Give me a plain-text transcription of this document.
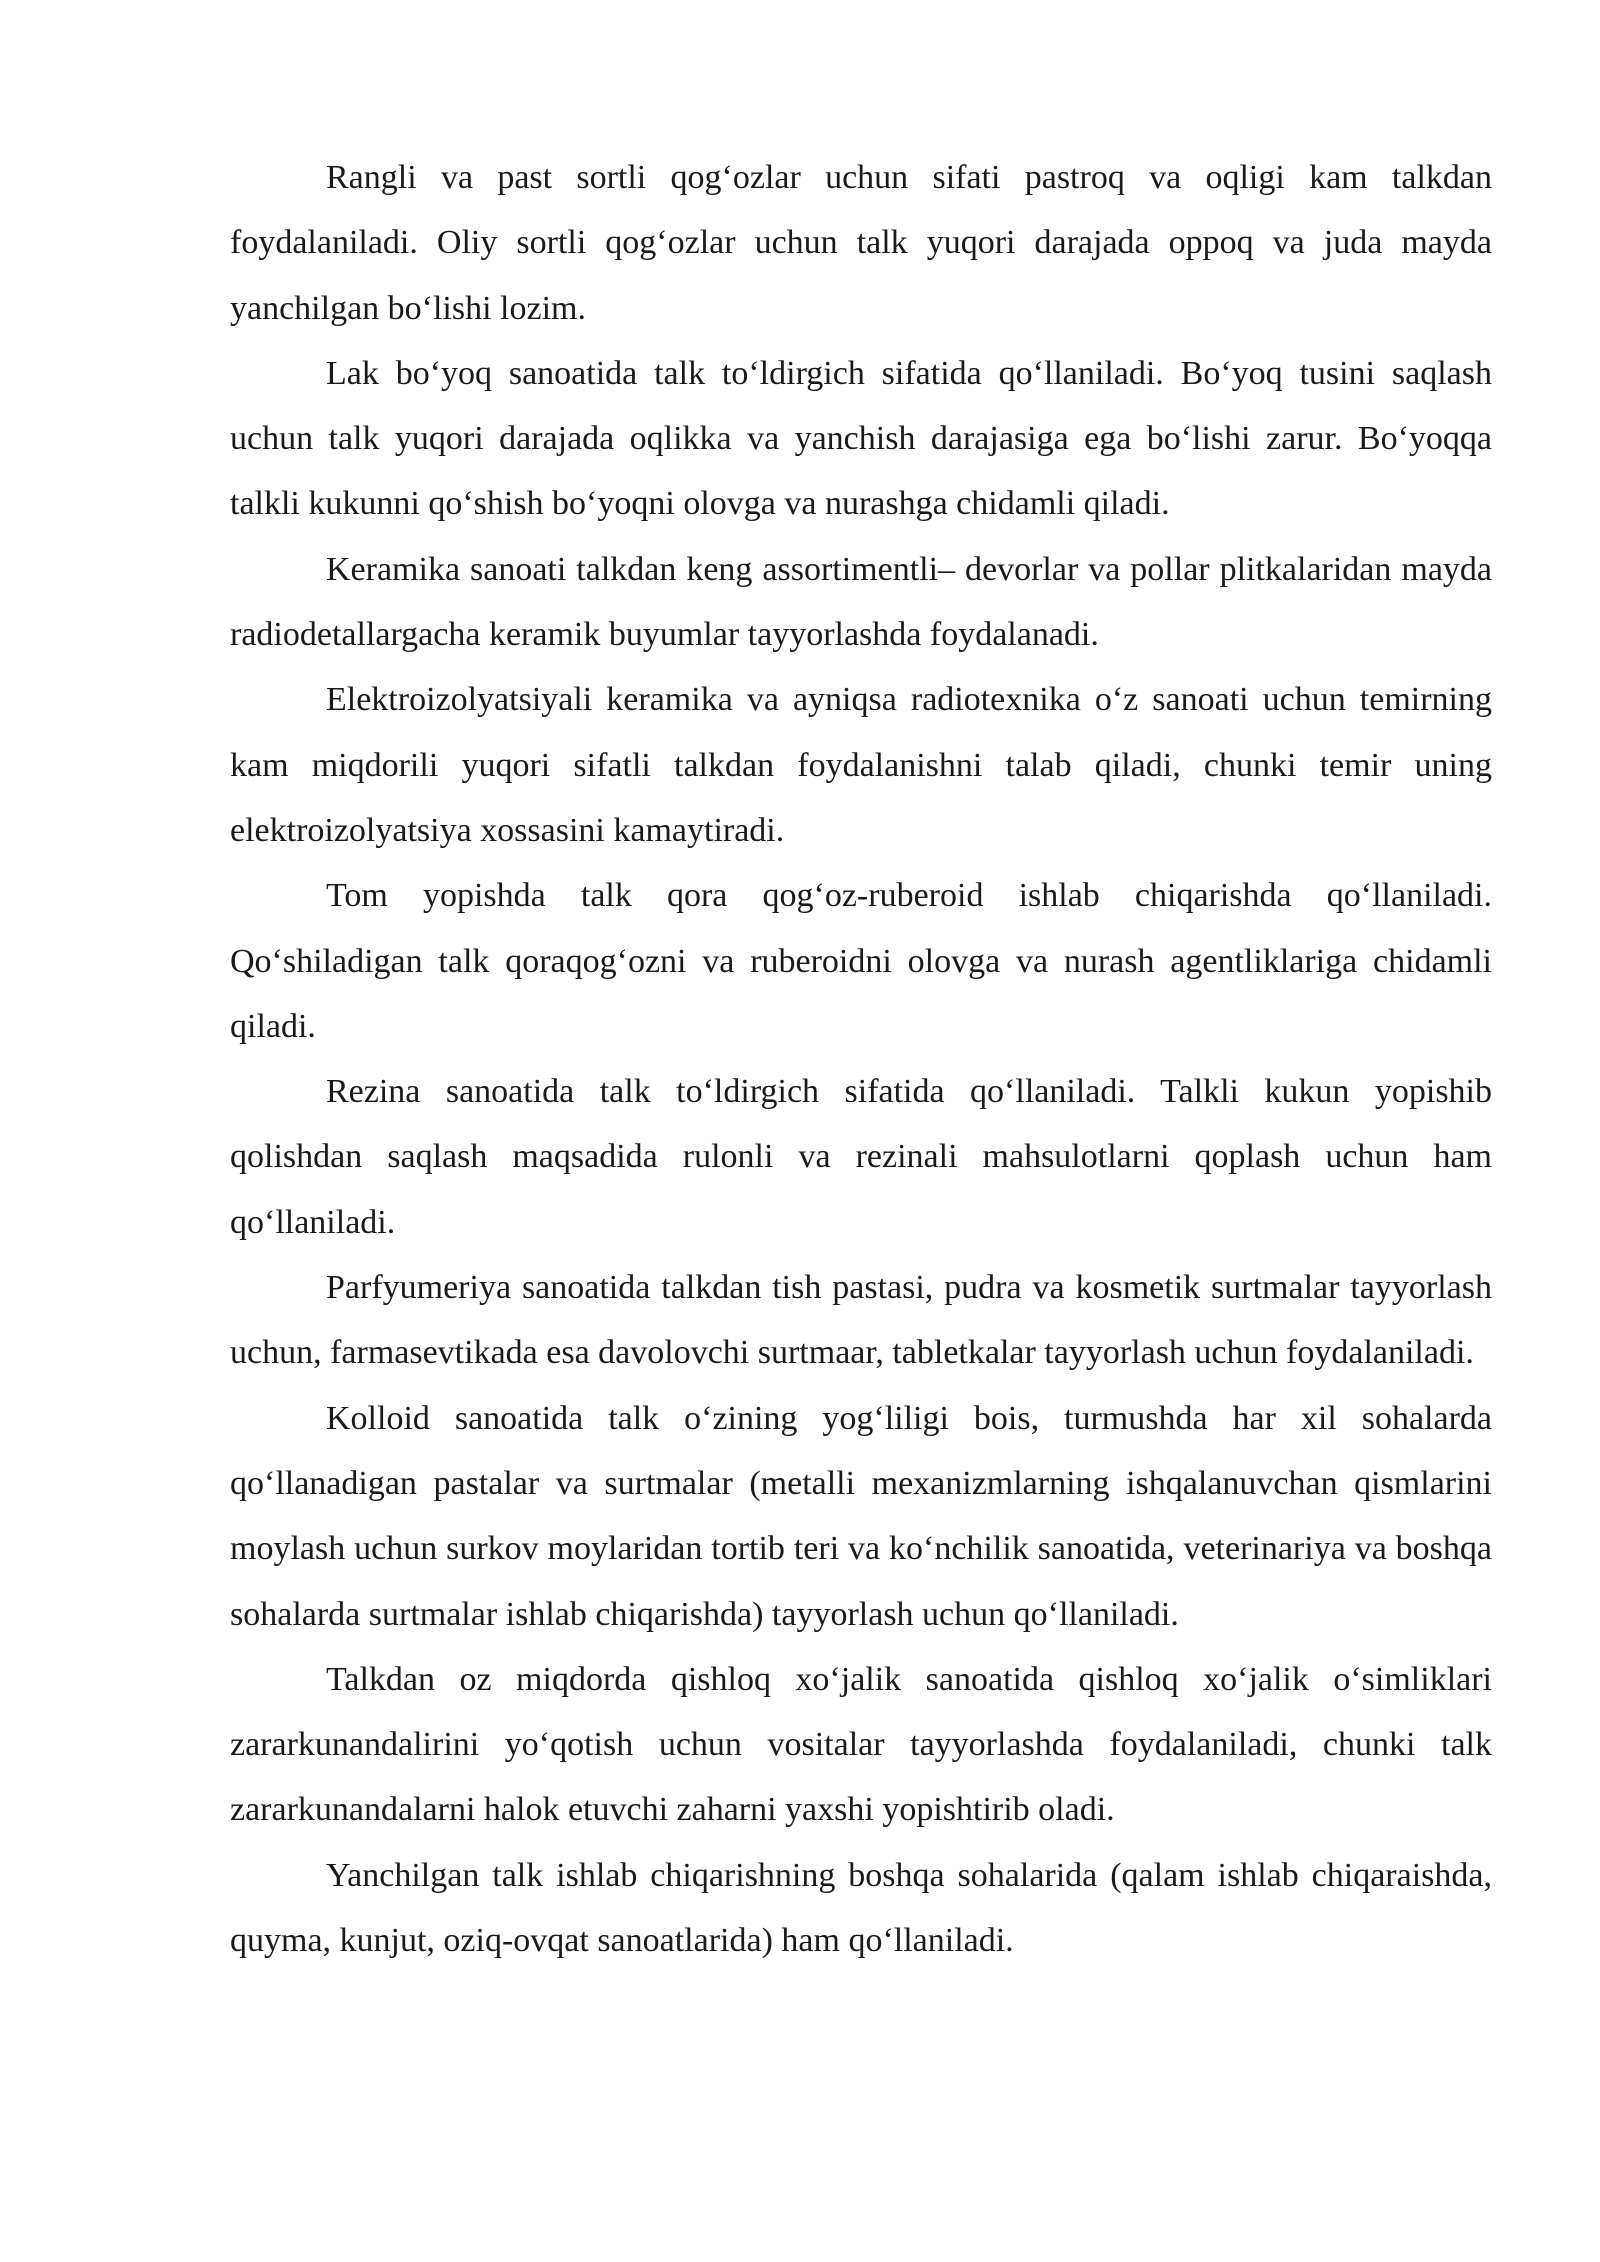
Rangli va past sortli qog‘ozlar uchun sifati pastroq va oqligi kam talkdan foydalaniladi. Oliy sortli qog‘ozlar uchun talk yuqori darajada oppoq va juda mayda yanchilgan bo‘lishi lozim.

Lak bo‘yoq sanoatida talk to‘ldirgich sifatida qo‘llaniladi. Bo‘yoq tusini saqlash uchun talk yuqori darajada oqlikka va yanchish darajasiga ega bo‘lishi zarur. Bo‘yoqqa talkli kukunni qo‘shish bo‘yoqni olovga va nurashga chidamli qiladi.

Keramika sanoati talkdan keng assortimentli– devorlar va pollar plitkalaridan mayda radiodetallargacha keramik buyumlar tayyorlashda foydalanadi.

Elektroizolyatsiyali keramika va ayniqsa radiotexnika o‘z sanoati uchun temirning kam miqdorili yuqori sifatli talkdan foydalanishni talab qiladi, chunki temir uning elektroizolyatsiya xossasini kamaytiradi.

Tom yopishda talk qora qog‘oz-ruberoid ishlab chiqarishda qo‘llaniladi. Qo‘shiladigan talk qoraqog‘ozni va ruberoidni olovga va nurash agentliklariga chidamli qiladi.

Rezina sanoatida talk to‘ldirgich sifatida qo‘llaniladi. Talkli kukun yopishib qolishdan saqlash maqsadida rulonli va rezinali mahsulotlarni qoplash uchun ham qo‘llaniladi.

Parfyumeriya sanoatida talkdan tish pastasi, pudra va kosmetik surtmalar tayyorlash uchun, farmasevtikada esa davolovchi surtmaar, tabletkalar tayyorlash uchun foydalaniladi.

Kolloid sanoatida talk o‘zining yog‘liligi bois, turmushda har xil sohalarda qo‘llanadigan pastalar va surtmalar (metalli mexanizmlarning ishqalanuvchan qismlarini moylash uchun surkov moylaridan tortib teri va ko‘nchilik sanoatida, veterinariya va boshqa sohalarda surtmalar ishlab chiqarishda) tayyorlash uchun qo‘llaniladi.

Talkdan oz miqdorda qishloq xo‘jalik sanoatida qishloq xo‘jalik o‘simliklari zararkunandalirini yo‘qotish uchun vositalar tayyorlashda foydalaniladi, chunki talk zararkunandalarni halok etuvchi zaharni yaxshi yopishtirib oladi.

Yanchilgan talk ishlab chiqarishning boshqa sohalarida (qalam ishlab chiqaraishda, quyma, kunjut, oziq-ovqat sanoatlarida) ham qo‘llaniladi.
